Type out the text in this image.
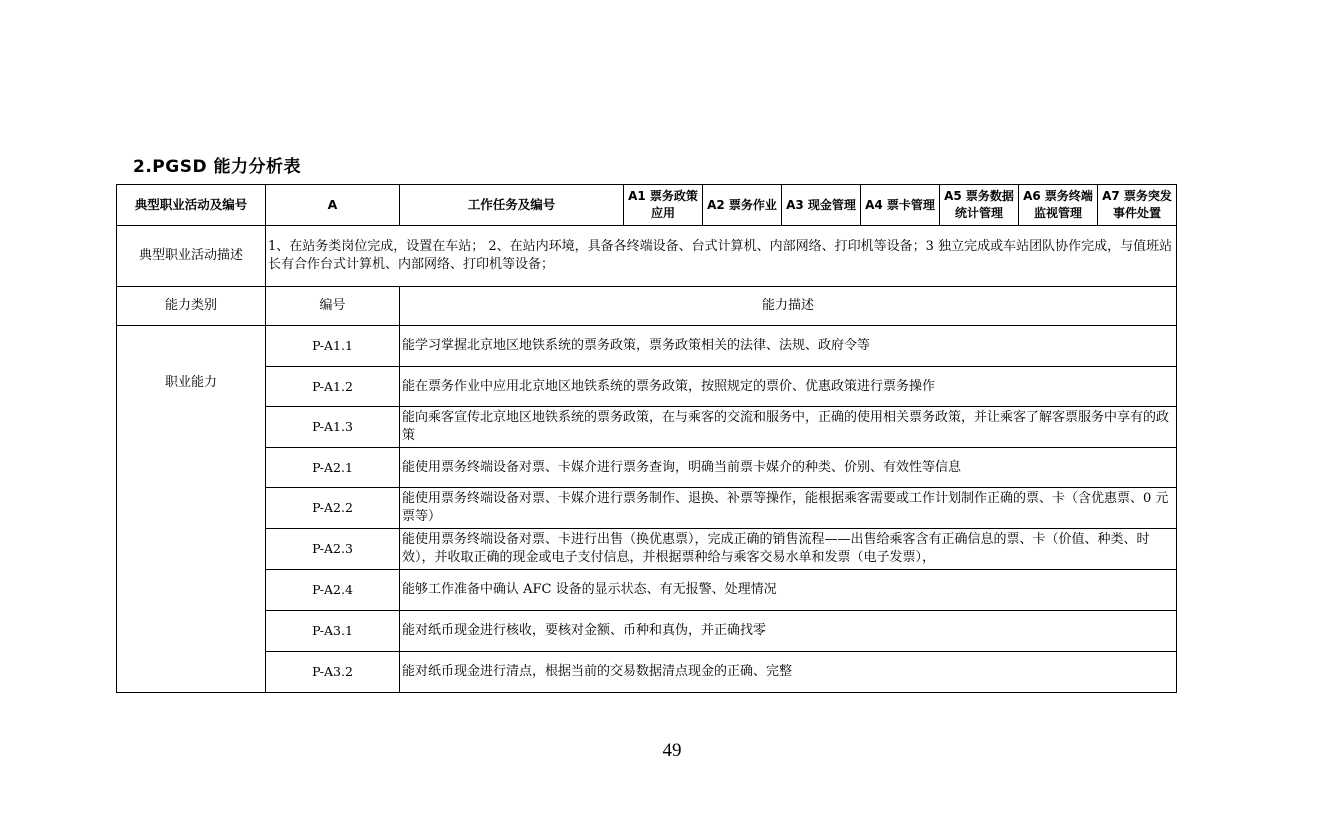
2.PGSD 能力分析表
典型职业活动及编号	A	工作任务及编号	A1 票务政策应用	A2 票务作业	A3 现金管理	A4 票卡管理	A5 票务数据统计管理	A6 票务终端监视管理	A7 票务突发事件处置
典型职业活动描述	1、在站务类岗位完成，设置在车站； 2、在站内环境，具备各终端设备、台式计算机、内部网络、打印机等设备；3 独立完成或车站团队协作完成，与值班站长有合作台式计算机、内部网络、打印机等设备；								
能力类别	编号	能力描述							
职业能力	P-A1.1	能学习掌握北京地区地铁系统的票务政策，票务政策相关的法律、法规、政府令等							
	P-A1.2	能在票务作业中应用北京地区地铁系统的票务政策，按照规定的票价、优惠政策进行票务操作							
	P-A1.3	能向乘客宣传北京地区地铁系统的票务政策，在与乘客的交流和服务中，正确的使用相关票务政策，并让乘客了解客票服务中享有的政策							
	P-A2.1	能使用票务终端设备对票、卡媒介进行票务查询，明确当前票卡媒介的种类、价别、有效性等信息							
	P-A2.2	能使用票务终端设备对票、卡媒介进行票务制作、退换、补票等操作，能根据乘客需要或工作计划制作正确的票、卡（含优惠票、0 元票等）							
	P-A2.3	能使用票务终端设备对票、卡进行出售（换优惠票），完成正确的销售流程——出售给乘客含有正确信息的票、卡（价值、种类、时效），并收取正确的现金或电子支付信息，并根据票种给与乘客交易水单和发票（电子发票），							
	P-A2.4	能够工作准备中确认 AFC 设备的显示状态、有无报警、处理情况							
	P-A3.1	能对纸币现金进行核收，要核对金额、币种和真伪，并正确找零							
	P-A3.2	能对纸币现金进行清点，根据当前的交易数据清点现金的正确、完整							
49
